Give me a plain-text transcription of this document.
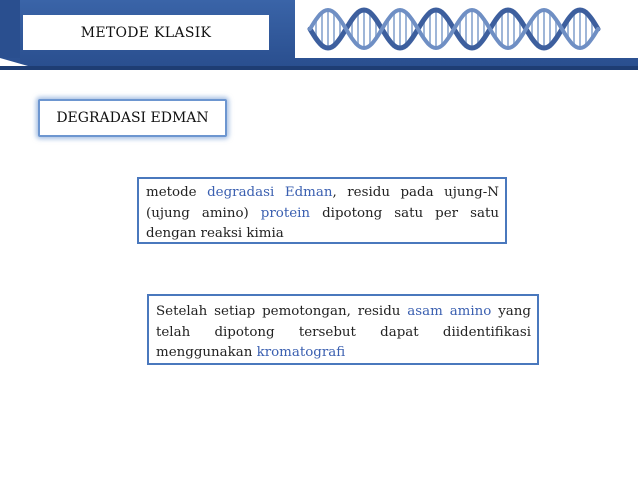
METODE KLASIK
DEGRADASI EDMAN
metode degradasi Edman, residu pada ujung-N (ujung amino) protein dipotong satu per satu dengan reaksi kimia
Setelah setiap pemotongan, residu asam amino yang telah dipotong tersebut dapat diidentifikasi menggunakan kromatografi
